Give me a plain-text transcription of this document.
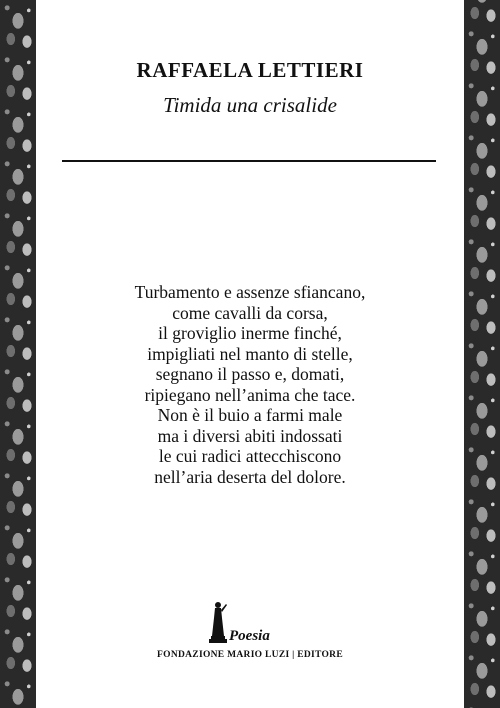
RAFFAELA LETTIERI
Timida una crisalide
Turbamento e assenze sfiancano,
come cavalli da corsa,
il groviglio inerme finché,
impigliati nel manto di stelle,
segnano il passo e, domati,
ripiegano nell’anima che tace.
Non è il buio a farmi male
ma i diversi abiti indossati
le cui radici attecchiscono
nell’aria deserta del dolore.
Poesia
FONDAZIONE MARIO LUZI | EDITORE
